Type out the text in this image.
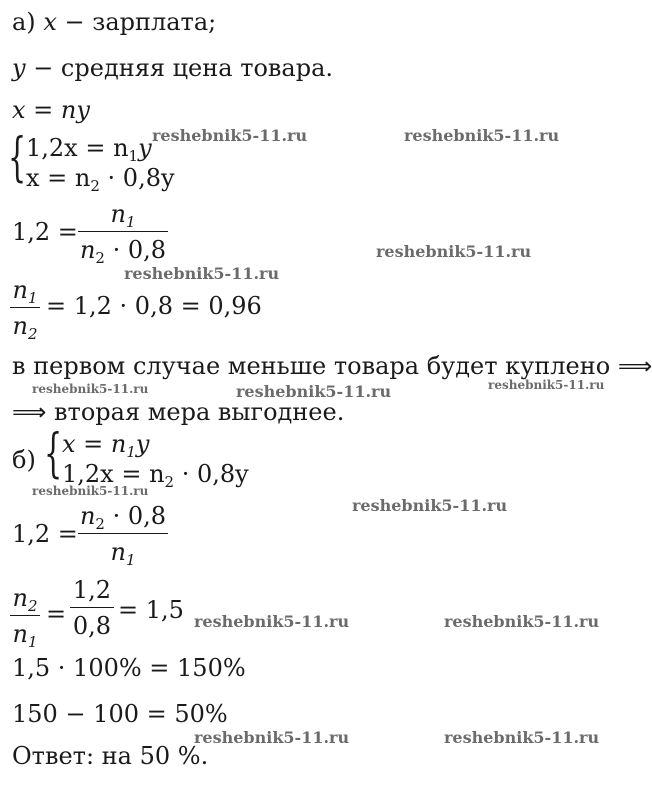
а) x − зарплата;
y − средняя цена товара.
x = ny
{ $1,2x = n_1y$
$x = n_2 \cdot 0,8y$
1,2 =
$n_1$
$n_2 \cdot 0,8$
$n_1$
$n_2$
= 1,2 · 0,8 = 0,96
в первом случае меньше товара будет куплено ⟹
⟹ вторая мера выгоднее.
б) { $x = n_1y$
$1,2x = n_2 \cdot 0,8y$
1,2 =
$n_2 \cdot 0,8$
$n_1$
$n_2$
$n_1$
=
1,2
0,8
= 1,5
1,5 · 100% = 150%
150 − 100 = 50%
Ответ: на 50 %.
reshebnik5-11.ru	reshebnik5-11.ru
reshebnik5-11.ru
reshebnik5-11.ru
reshebnik5-11.ru	reshebnik5-11.ru	reshebnik5-11.ru
reshebnik5-11.ru
reshebnik5-11.ru
reshebnik5-11.ru	reshebnik5-11.ru
reshebnik5-11.ru	reshebnik5-11.ru
